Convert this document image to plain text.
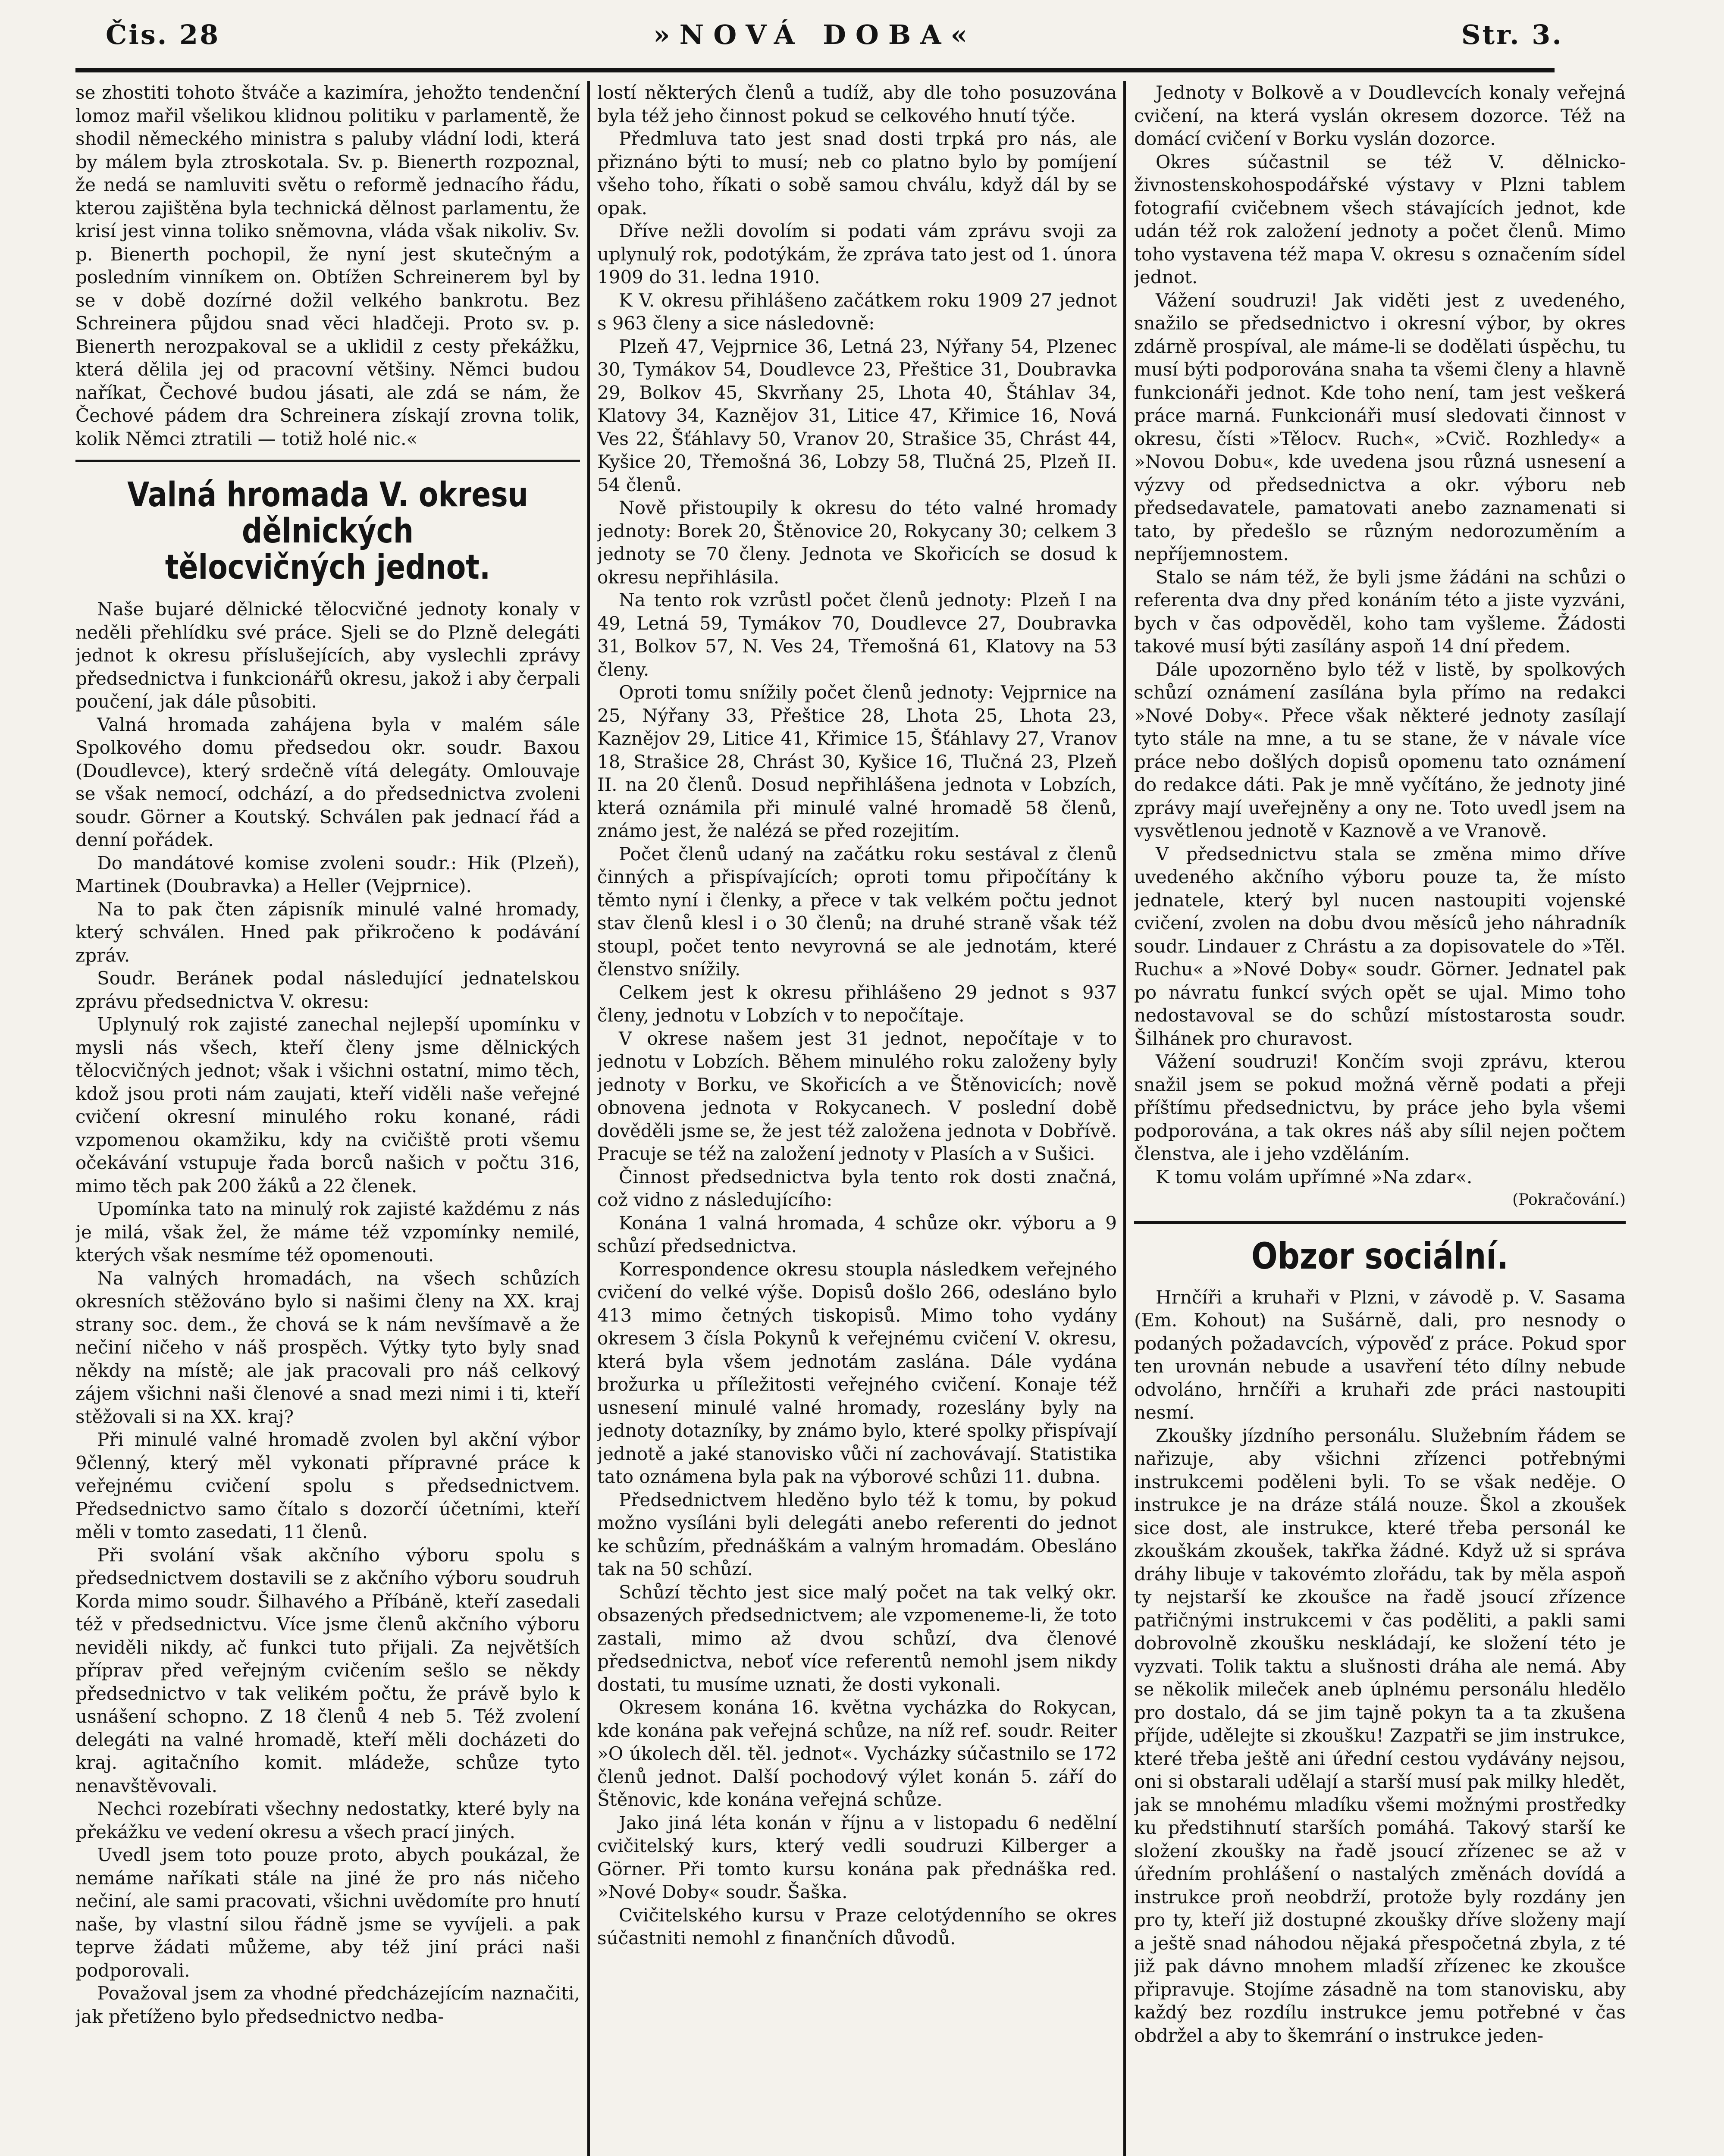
Čis. 28	»NOVÁ DOBA«	Str. 3.

se zhostiti tohoto štváče a kazimíra, jehožto tendenční lomoz mařil všelikou klidnou politiku v parlamentě, že shodil německého ministra s paluby vládní lodi, která by málem byla ztroskotala. Sv. p. Bienerth rozpoznal, že nedá se namluviti světu o reformě jednacího řádu, kterou zajištěna byla technická dělnost parlamentu, že krisí jest vinna toliko sněmovna, vláda však nikoliv. Sv. p. Bienerth pochopil, že nyní jest skutečným a posledním vinníkem on. Obtížen Schreinerem byl by se v době dozírné dožil velkého bankrotu. Bez Schreinera půjdou snad věci hladčeji. Proto sv. p. Bienerth nerozpakoval se a uklidil z cesty překážku, která dělila jej od pracovní většiny. Němci budou naříkat, Čechové budou jásati, ale zdá se nám, že Čechové pádem dra Schreinera získají zrovna tolik, kolik Němci ztratili — totiž holé nic.«

Valná hromada V. okresu dělnických
tělocvičných jednot.

Naše bujaré dělnické tělocvičné jednoty konaly v neděli přehlídku své práce. Sjeli se do Plzně delegáti jednot k okresu příslušejících, aby vyslechli zprávy předsednictva i funkcionářů okresu, jakož i aby čerpali poučení, jak dále působiti.

Valná hromada zahájena byla v malém sále Spolkového domu předsedou okr. soudr. Baxou (Doudlevce), který srdečně vítá delegáty. Omlouvaje se však nemocí, odchází, a do předsednictva zvoleni soudr. Görner a Koutský. Schválen pak jednací řád a denní pořádek.

Do mandátové komise zvoleni soudr.: Hik (Plzeň), Martinek (Doubravka) a Heller (Vejprnice).

Na to pak čten zápisník minulé valné hromady, který schválen. Hned pak přikročeno k podávání zpráv.

Soudr. Beránek podal následující jednatelskou zprávu předsednictva V. okresu:

Uplynulý rok zajisté zanechal nejlepší upomínku v mysli nás všech, kteří členy jsme dělnických tělocvičných jednot; však i všichni ostatní, mimo těch, kdož jsou proti nám zaujati, kteří viděli naše veřejné cvičení okresní minulého roku konané, rádi vzpomenou okamžiku, kdy na cvičiště proti všemu očekávání vstupuje řada borců našich v počtu 316, mimo těch pak 200 žáků a 22 členek.

Upomínka tato na minulý rok zajisté každému z nás je milá, však žel, že máme též vzpomínky nemilé, kterých však nesmíme též opomenouti.

Na valných hromadách, na všech schůzích okresních stěžováno bylo si našimi členy na XX. kraj strany soc. dem., že chová se k nám nevšímavě a že nečiní ničeho v náš prospěch. Výtky tyto byly snad někdy na místě; ale jak pracovali pro náš celkový zájem všichni naši členové a snad mezi nimi i ti, kteří stěžovali si na XX. kraj?

Při minulé valné hromadě zvolen byl akční výbor 9členný, který měl vykonati přípravné práce k veřejnému cvičení spolu s předsednictvem. Předsednictvo samo čítalo s dozorčí účetními, kteří měli v tomto zasedati, 11 členů.

Při svolání však akčního výboru spolu s předsednictvem dostavili se z akčního výboru soudruh Korda mimo soudr. Šilhavého a Příbáně, kteří zasedali též v předsednictvu. Více jsme členů akčního výboru neviděli nikdy, ač funkci tuto přijali. Za největších příprav před veřejným cvičením sešlo se někdy předsednictvo v tak velikém počtu, že právě bylo k usnášení schopno. Z 18 členů 4 neb 5. Též zvolení delegáti na valné hromadě, kteří měli docházeti do kraj. agitačního komit. mládeže, schůze tyto nenavštěvovali.

Nechci rozebírati všechny nedostatky, které byly na překážku ve vedení okresu a všech prací jiných.

Uvedl jsem toto pouze proto, abych poukázal, že nemáme naříkati stále na jiné že pro nás ničeho nečiní, ale sami pracovati, všichni uvědomíte pro hnutí naše, by vlastní silou řádně jsme se vyvíjeli. a pak teprve žádati můžeme, aby též jiní práci naši podporovali.

Považoval jsem za vhodné předcházejícím naznačiti, jak přetíženo bylo předsednictvo nedba-

lostí některých členů a tudíž, aby dle toho posuzována byla též jeho činnost pokud se celkového hnutí týče.

Předmluva tato jest snad dosti trpká pro nás, ale přiznáno býti to musí; neb co platno bylo by pomíjení všeho toho, říkati o sobě samou chválu, když dál by se opak.

Dříve nežli dovolím si podati vám zprávu svoji za uplynulý rok, podotýkám, že zpráva tato jest od 1. února 1909 do 31. ledna 1910.

K V. okresu přihlášeno začátkem roku 1909 27 jednot s 963 členy a sice následovně:

Plzeň 47, Vejprnice 36, Letná 23, Nýřany 54, Plzenec 30, Tymákov 54, Doudlevce 23, Přeštice 31, Doubravka 29, Bolkov 45, Skvrňany 25, Lhota 40, Štáhlav 34, Klatovy 34, Kaznějov 31, Litice 47, Křimice 16, Nová Ves 22, Šťáhlavy 50, Vranov 20, Strašice 35, Chrást 44, Kyšice 20, Třemošná 36, Lobzy 58, Tlučná 25, Plzeň II. 54 členů.

Nově přistoupily k okresu do této valné hromady jednoty: Borek 20, Štěnovice 20, Rokycany 30; celkem 3 jednoty se 70 členy. Jednota ve Skořicích se dosud k okresu nepřihlásila.

Na tento rok vzrůstl počet členů jednoty: Plzeň I na 49, Letná 59, Tymákov 70, Doudlevce 27, Doubravka 31, Bolkov 57, N. Ves 24, Třemošná 61, Klatovy na 53 členy.

Oproti tomu snížily počet členů jednoty: Vejprnice na 25, Nýřany 33, Přeštice 28, Lhota 25, Lhota 23, Kaznějov 29, Litice 41, Křimice 15, Šťáhlavy 27, Vranov 18, Strašice 28, Chrást 30, Kyšice 16, Tlučná 23, Plzeň II. na 20 členů. Dosud nepřihlášena jednota v Lobzích, která oznámila při minulé valné hromadě 58 členů, známo jest, že nalézá se před rozejitím.

Počet členů udaný na začátku roku sestával z členů činných a přispívajících; oproti tomu připočítány k těmto nyní i členky, a přece v tak velkém počtu jednot stav členů klesl i o 30 členů; na druhé straně však též stoupl, počet tento nevyrovná se ale jednotám, které členstvo snížily.

Celkem jest k okresu přihlášeno 29 jednot s 937 členy, jednotu v Lobzích v to nepočítaje.

V okrese našem jest 31 jednot, nepočítaje v to jednotu v Lobzích. Během minulého roku založeny byly jednoty v Borku, ve Skořicích a ve Štěnovicích; nově obnovena jednota v Rokycanech. V poslední době dověděli jsme se, že jest též založena jednota v Dobřívě. Pracuje se též na založení jednoty v Plasích a v Sušici.

Činnost předsednictva byla tento rok dosti značná, což vidno z následujícího:

Konána 1 valná hromada, 4 schůze okr. výboru a 9 schůzí předsednictva.

Korrespondence okresu stoupla následkem veřejného cvičení do velké výše. Dopisů došlo 266, odesláno bylo 413 mimo četných tiskopisů. Mimo toho vydány okresem 3 čísla Pokynů k veřejnému cvičení V. okresu, která byla všem jednotám zaslána. Dále vydána brožurka u příležitosti veřejného cvičení. Konaje též usnesení minulé valné hromady, rozeslány byly na jednoty dotazníky, by známo bylo, které spolky přispívají jednotě a jaké stanovisko vůči ní zachovávají. Statistika tato oznámena byla pak na výborové schůzi 11. dubna.

Předsednictvem hleděno bylo též k tomu, by pokud možno vysíláni byli delegáti anebo referenti do jednot ke schůzím, přednáškám a valným hromadám. Obesláno tak na 50 schůzí.

Schůzí těchto jest sice malý počet na tak velký okr. obsazených předsednictvem; ale vzpomeneme-li, že toto zastali, mimo až dvou schůzí, dva členové předsednictva, neboť více referentů nemohl jsem nikdy dostati, tu musíme uznati, že dosti vykonali.

Okresem konána 16. května vycházka do Rokycan, kde konána pak veřejná schůze, na níž ref. soudr. Reiter »O úkolech děl. těl. jednot«. Vycházky súčastnilo se 172 členů jednot. Další pochodový výlet konán 5. září do Štěnovic, kde konána veřejná schůze.

Jako jiná léta konán v říjnu a v listopadu 6 nedělní cvičitelský kurs, který vedli soudruzi Kilberger a Görner. Při tomto kursu konána pak přednáška red. »Nové Doby« soudr. Šaška.

Cvičitelského kursu v Praze celotýdenního se okres súčastniti nemohl z finančních důvodů.

Jednoty v Bolkově a v Doudlevcích konaly veřejná cvičení, na která vyslán okresem dozorce. Též na domácí cvičení v Borku vyslán dozorce.

Okres súčastnil se též V. dělnicko-živnostenskohospodářské výstavy v Plzni tablem fotografií cvičebnem všech stávajících jednot, kde udán též rok založení jednoty a počet členů. Mimo toho vystavena též mapa V. okresu s označením sídel jednot.

Vážení soudruzi! Jak viděti jest z uvedeného, snažilo se předsednictvo i okresní výbor, by okres zdárně prospíval, ale máme-li se dodělati úspěchu, tu musí býti podporována snaha ta všemi členy a hlavně funkcionáři jednot. Kde toho není, tam jest veškerá práce marná. Funkcionáři musí sledovati činnost v okresu, čísti »Tělocv. Ruch«, »Cvič. Rozhledy« a »Novou Dobu«, kde uvedena jsou různá usnesení a výzvy od předsednictva a okr. výboru neb předsedavatele, pamatovati anebo zaznamenati si tato, by předešlo se různým nedorozuměním a nepříjemnostem.

Stalo se nám též, že byli jsme žádáni na schůzi o referenta dva dny před konáním této a jiste vyzváni, bych v čas odpověděl, koho tam vyšleme. Žádosti takové musí býti zasílány aspoň 14 dní předem.

Dále upozorněno bylo též v listě, by spolkových schůzí oznámení zasílána byla přímo na redakci »Nové Doby«. Přece však některé jednoty zasílají tyto stále na mne, a tu se stane, že v návale více práce nebo došlých dopisů opomenu tato oznámení do redakce dáti. Pak je mně vyčítáno, že jednoty jiné zprávy mají uveřejněny a ony ne. Toto uvedl jsem na vysvětlenou jednotě v Kaznově a ve Vranově.

V předsednictvu stala se změna mimo dříve uvedeného akčního výboru pouze ta, že místo jednatele, který byl nucen nastoupiti vojenské cvičení, zvolen na dobu dvou měsíců jeho náhradník soudr. Lindauer z Chrástu a za dopisovatele do »Těl. Ruchu« a »Nové Doby« soudr. Görner. Jednatel pak po návratu funkcí svých opět se ujal. Mimo toho nedostavoval se do schůzí místostarosta soudr. Šilhánek pro churavost.

Vážení soudruzi! Končím svoji zprávu, kterou snažil jsem se pokud možná věrně podati a přeji příštímu předsednictvu, by práce jeho byla všemi podporována, a tak okres náš aby sílil nejen počtem členstva, ale i jeho vzděláním.

K tomu volám upřímné »Na zdar«.

(Pokračování.)
Obzor sociální.

Hrnčíři a kruhaři v Plzni, v závodě p. V. Sasama (Em. Kohout) na Sušárně, dali, pro nesnody o podaných požadavcích, výpověď z práce. Pokud spor ten urovnán nebude a usavření této dílny nebude odvoláno, hrnčíři a kruhaři zde práci nastoupiti nesmí.

Zkoušky jízdního personálu. Služebním řádem se nařizuje, aby všichni zřízenci potřebnými instrukcemi poděleni byli. To se však neděje. O instrukce je na dráze stálá nouze. Škol a zkoušek sice dost, ale instrukce, které třeba personál ke zkouškám zkoušek, takřka žádné. Když už si správa dráhy libuje v takovémto zlořádu, tak by měla aspoň ty nejstarší ke zkoušce na řadě jsoucí zřízence patřičnými instrukcemi v čas poděliti, a pakli sami dobrovolně zkoušku neskládají, ke složení této je vyzvati. Tolik taktu a slušnosti dráha ale nemá. Aby se několik mileček aneb úplnému personálu hledělo pro dostalo, dá se jim tajně pokyn ta a ta zkušena příjde, udělejte si zkoušku! Zazpatři se jim instrukce, které třeba ještě ani úřední cestou vydávány nejsou, oni si obstarali udělají a starší musí pak milky hledět, jak se mnohému mladíku všemi možnými prostředky ku předstihnutí starších pomáhá. Takový starší ke složení zkoušky na řadě jsoucí zřízenec se až v úředním prohlášení o nastalých změnách dovídá a instrukce proň neobdrží, protože byly rozdány jen pro ty, kteří již dostupné zkoušky dříve složeny mají a ještě snad náhodou nějaká přespočetná zbyla, z té již pak dávno mnohem mladší zřízenec ke zkoušce připravuje. Stojíme zásadně na tom stanovisku, aby každý bez rozdílu instrukce jemu potřebné v čas obdržel a aby to škemrání o instrukce jeden-
